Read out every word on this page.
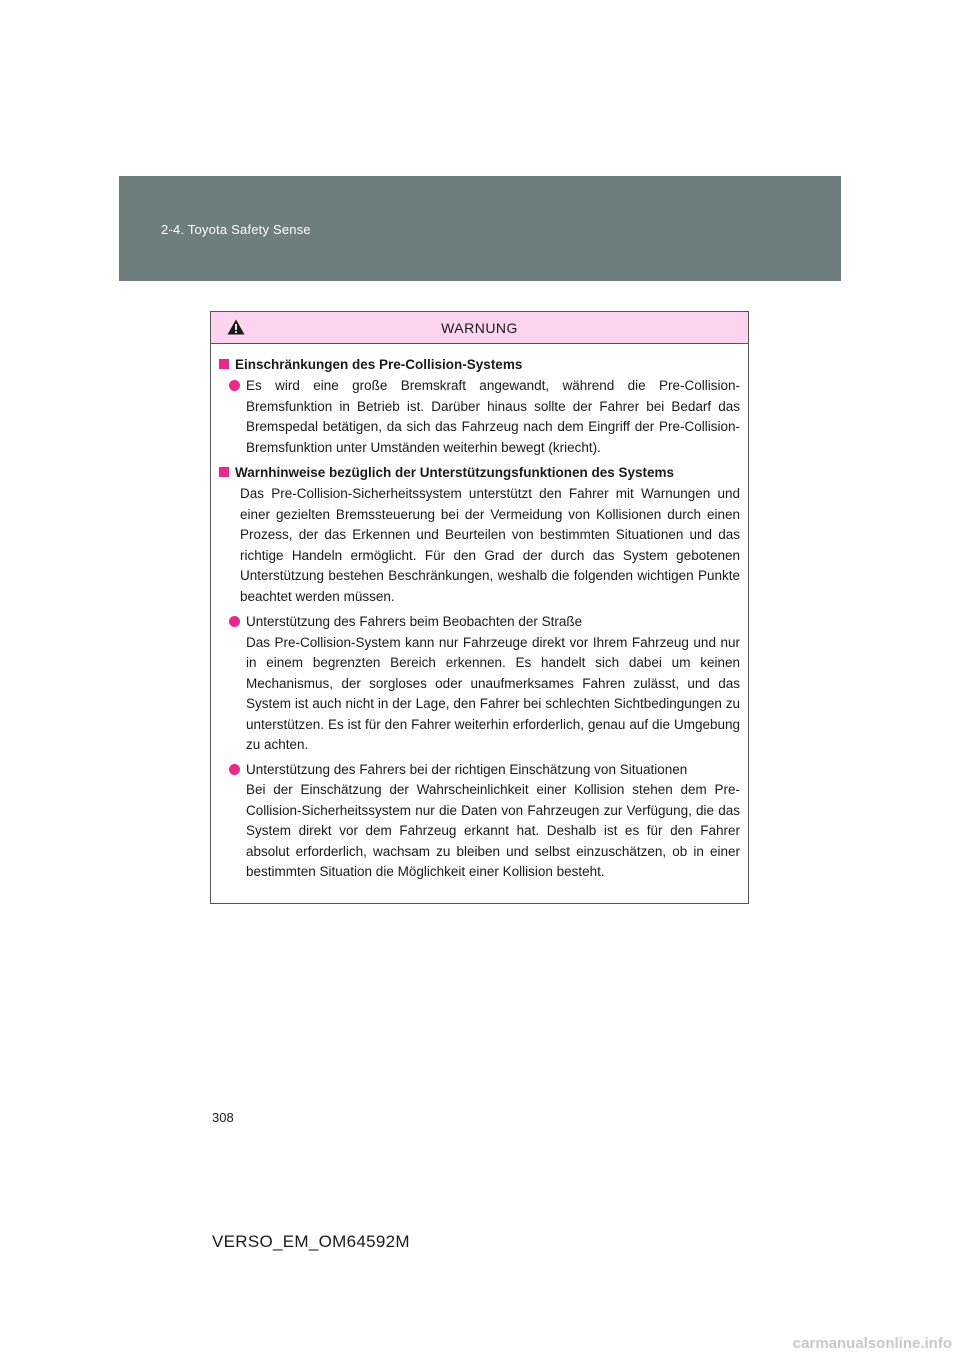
2-4. Toyota Safety Sense
WARNUNG
Einschränkungen des Pre-Collision-Systems
Es wird eine große Bremskraft angewandt, während die Pre-Collision-Bremsfunktion in Betrieb ist. Darüber hinaus sollte der Fahrer bei Bedarf das Bremspedal betätigen, da sich das Fahrzeug nach dem Eingriff der Pre-Collision-Bremsfunktion unter Umständen weiterhin bewegt (kriecht).
Warnhinweise bezüglich der Unterstützungsfunktionen des Systems
Das Pre-Collision-Sicherheitssystem unterstützt den Fahrer mit Warnungen und einer gezielten Bremssteuerung bei der Vermeidung von Kollisionen durch einen Prozess, der das Erkennen und Beurteilen von bestimmten Situationen und das richtige Handeln ermöglicht. Für den Grad der durch das System gebotenen Unterstützung bestehen Beschränkungen, weshalb die folgenden wichtigen Punkte beachtet werden müssen.
Unterstützung des Fahrers beim Beobachten der Straße
Das Pre-Collision-System kann nur Fahrzeuge direkt vor Ihrem Fahrzeug und nur in einem begrenzten Bereich erkennen. Es handelt sich dabei um keinen Mechanismus, der sorgloses oder unaufmerksames Fahren zulässt, und das System ist auch nicht in der Lage, den Fahrer bei schlechten Sichtbedingungen zu unterstützen. Es ist für den Fahrer weiterhin erforderlich, genau auf die Umgebung zu achten.
Unterstützung des Fahrers bei der richtigen Einschätzung von Situationen
Bei der Einschätzung der Wahrscheinlichkeit einer Kollision stehen dem Pre-Collision-Sicherheitssystem nur die Daten von Fahrzeugen zur Verfügung, die das System direkt vor dem Fahrzeug erkannt hat. Deshalb ist es für den Fahrer absolut erforderlich, wachsam zu bleiben und selbst einzuschätzen, ob in einer bestimmten Situation die Möglichkeit einer Kollision besteht.
308
VERSO_EM_OM64592M
carmanualsonline.info
